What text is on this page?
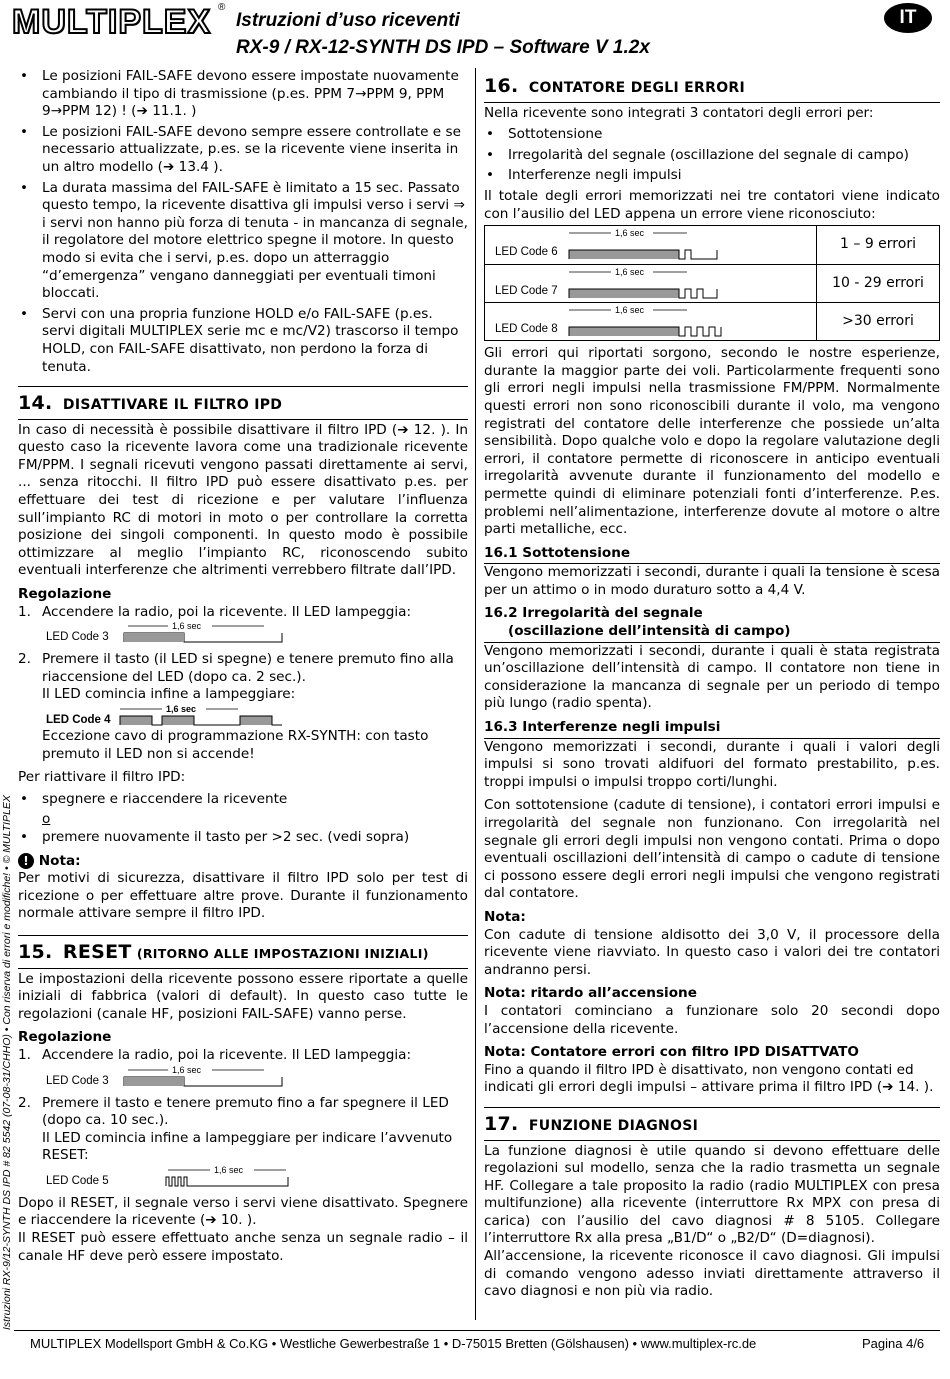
MULTIPLEX ®
Istruzioni d’uso riceventi
RX-9 / RX-12-SYNTH DS IPD – Software V 1.2x
IT
Istruzioni RX-9/12-SYNTH DS IPD # 82 5542 (07-08-31/CHHO) • Con riserva di errori e modifiche! • © MULTIPLEX
• Le posizioni FAIL-SAFE devono essere impostate nuovamente cambiando il tipo di trasmissione (p.es. PPM 7→PPM 9, PPM 9→PPM 12) ! (➔ 11.1. )
• Le posizioni FAIL-SAFE devono sempre essere controllate e se necessario attualizzate, p.es. se la ricevente viene inserita in un altro modello (➔ 13.4 ).
• La durata massima del FAIL-SAFE è limitato a 15 sec. Passato questo tempo, la ricevente disattiva gli impulsi verso i servi ⇒ i servi non hanno più forza di tenuta - in mancanza di segnale, il regolatore del motore elettrico spegne il motore. In questo modo si evita che i servi, p.es. dopo un atterraggio “d’emergenza” vengano danneggiati per eventuali timoni bloccati.
• Servi con una propria funzione HOLD e/o FAIL-SAFE (p.es. servi digitali MULTIPLEX serie mc e mc/V2) trascorso il tempo HOLD, con FAIL-SAFE disattivato, non perdono la forza di tenuta.
14. DISATTIVARE IL FILTRO IPD

In caso di necessità è possibile disattivare il filtro IPD (➔ 12. ). In questo caso la ricevente lavora come una tradizionale ricevente FM/PPM. I segnali ricevuti vengono passati direttamente ai servi, ... senza ritocchi. Il filtro IPD può essere disattivato p.es. per effettuare dei test di ricezione e per valutare l’influenza sull’impianto RC di motori in moto o per controllare la corretta posizione dei singoli componenti. In questo modo è possibile ottimizzare al meglio l’impianto RC, riconoscendo subito eventuali interferenze che altrimenti verrebbero filtrate dall’IPD.

Regolazione
1. Accendere la radio, poi la ricevente. Il LED lampeggia:
LED Code 3
1,6 sec
2. Premere il tasto (il LED si spegne) e tenere premuto fino alla riaccensione del LED (dopo ca. 2 sec.).
Il LED comincia infine a lampeggiare:
LED Code 4
1,6 sec
Eccezione cavo di programmazione RX-SYNTH: con tasto premuto il LED non si accende!

Per riattivare il filtro IPD:

• spegnere e riaccendere la ricevente
o
• premere nuovamente il tasto per >2 sec. (vedi sopra)
! Nota:

Per motivi di sicurezza, disattivare il filtro IPD solo per test di ricezione o per effettuare altre prove. Durante il funzionamento normale attivare sempre il filtro IPD.

15. RESET (RITORNO ALLE IMPOSTAZIONI INIZIALI)

Le impostazioni della ricevente possono essere riportate a quelle iniziali di fabbrica (valori di default). In questo caso tutte le regolazioni (canale HF, posizioni FAIL-SAFE) vanno perse.

Regolazione
1. Accendere la radio, poi la ricevente. Il LED lampeggia:
LED Code 3
1,6 sec
2. Premere il tasto e tenere premuto fino a far spegnere il LED (dopo ca. 10 sec.).
Il LED comincia infine a lampeggiare per indicare l’avvenuto RESET:
LED Code 5
1,6 sec

Dopo il RESET, il segnale verso i servi viene disattivato. Spegnere e riaccendere la ricevente (➔ 10. ).

Il RESET può essere effettuato anche senza un segnale radio – il canale HF deve però essere impostato.

16. CONTATORE DEGLI ERRORI

Nella ricevente sono integrati 3 contatori degli errori per:

• Sottotensione
• Irregolarità del segnale (oscillazione del segnale di campo)
• Interferenze negli impulsi

Il totale degli errori memorizzati nei tre contatori viene indicato con l’ausilio del LED appena un errore viene riconosciuto:

LED Code 6
1,6 sec
1 – 9 errori
LED Code 7
1,6 sec
10 - 29 errori
LED Code 8
1,6 sec
>30 errori

Gli errori qui riportati sorgono, secondo le nostre esperienze, durante la maggior parte dei voli. Particolarmente frequenti sono gli errori negli impulsi nella trasmissione FM/PPM. Normalmente questi errori non sono riconoscibili durante il volo, ma vengono registrati del contatore delle interferenze che possiede un’alta sensibilità. Dopo qualche volo e dopo la regolare valutazione degli errori, il contatore permette di riconoscere in anticipo eventuali irregolarità avvenute durante il funzionamento del modello e permette quindi di eliminare potenziali fonti d’interferenze. P.es. problemi nell’alimentazione, interferenze dovute al motore o altre parti metalliche, ecc.

16.1 Sottotensione

Vengono memorizzati i secondi, durante i quali la tensione è scesa per un attimo o in modo duraturo sotto a 4,4 V.

16.2 Irregolarità del segnale
(oscillazione dell’intensità di campo)

Vengono memorizzati i secondi, durante i quali è stata registrata un’oscillazione dell’intensità di campo. Il contatore non tiene in considerazione la mancanza di segnale per un periodo di tempo più lungo (radio spenta).

16.3 Interferenze negli impulsi

Vengono memorizzati i secondi, durante i quali i valori degli impulsi si sono trovati aldifuori del formato prestabilito, p.es. troppi impulsi o impulsi troppo corti/lunghi.

Con sottotensione (cadute di tensione), i contatori errori impulsi e irregolarità del segnale non funzionano. Con irregolarità nel segnale gli errori degli impulsi non vengono contati. Prima o dopo eventuali oscillazioni dell’intensità di campo o cadute di tensione ci possono essere degli errori negli impulsi che vengono registrati dal contatore.

Nota:

Con cadute di tensione aldisotto dei 3,0 V, il processore della ricevente viene riavviato. In questo caso i valori dei tre contatori andranno persi.

Nota: ritardo all’accensione

I contatori cominciano a funzionare solo 20 secondi dopo l’accensione della ricevente.

Nota: Contatore errori con filtro IPD DISATTVATO

Fino a quando il filtro IPD è disattivato, non vengono contati ed indicati gli errori degli impulsi – attivare prima il filtro IPD (➔ 14. ).

17. FUNZIONE DIAGNOSI

La funzione diagnosi è utile quando si devono effettuare delle regolazioni sul modello, senza che la radio trasmetta un segnale HF. Collegare a tale proposito la radio (radio MULTIPLEX con presa multifunzione) alla ricevente (interruttore Rx MPX con presa di carica) con l’ausilio del cavo diagnosi # 8 5105. Collegare l’interruttore Rx alla presa „B1/D“ o „B2/D“ (D=diagnosi).

All’accensione, la ricevente riconosce il cavo diagnosi. Gli impulsi di comando vengono adesso inviati direttamente attraverso il cavo diagnosi e non più via radio.

MULTIPLEX Modellsport GmbH & Co.KG • Westliche Gewerbestraße 1 • D-75015 Bretten (Gölshausen) • www.multiplex-rc.de	Pagina 4/6
